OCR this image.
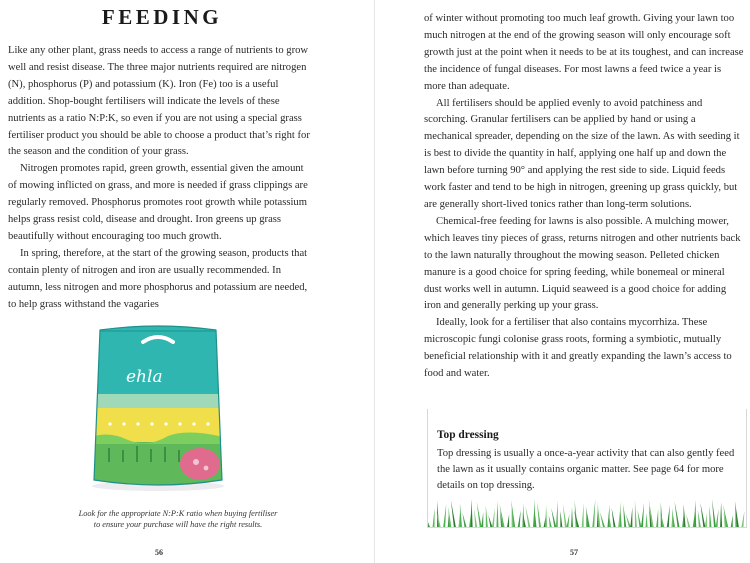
FEEDING

Like any other plant, grass needs to access a range of nutrients to grow well and resist disease. The three major nutrients required are nitrogen (N), phosphorus (P) and potassium (K). Iron (Fe) too is a useful addition. Shop-bought fertilisers will indicate the levels of these nutrients as a ratio N:P:K, so even if you are not using a special grass fertiliser product you should be able to choose a product that’s right for the season and the condition of your grass.

Nitrogen promotes rapid, green growth, essential given the amount of mowing inflicted on grass, and more is needed if grass clippings are regularly removed. Phosphorus promotes root growth while potassium helps grass resist cold, disease and drought. Iron greens up grass beautifully without encouraging too much growth.

In spring, therefore, at the start of the growing season, products that contain plenty of nitrogen and iron are usually recommended. In autumn, less nitrogen and more phosphorus and potassium are needed, to help grass withstand the vagaries

ehla
Look for the appropriate N:P:K ratio when buying fertiliser
to ensure your purchase will have the right results.
56

of winter without promoting too much leaf growth. Giving your lawn too much nitrogen at the end of the growing season will only encourage soft growth just at the point when it needs to be at its toughest, and can increase the incidence of fungal diseases. For most lawns a feed twice a year is more than adequate.

All fertilisers should be applied evenly to avoid patchiness and scorching. Granular fertilisers can be applied by hand or using a mechanical spreader, depending on the size of the lawn. As with seeding it is best to divide the quantity in half, applying one half up and down the lawn before turning 90° and applying the rest side to side. Liquid feeds work faster and tend to be high in nitrogen, greening up grass quickly, but are generally short-lived tonics rather than long-term solutions.

Chemical-free feeding for lawns is also possible. A mulching mower, which leaves tiny pieces of grass, returns nitrogen and other nutrients back to the lawn naturally throughout the mowing season. Pelleted chicken manure is a good choice for spring feeding, while bonemeal or mineral dust works well in autumn. Liquid seaweed is a good choice for adding iron and generally perking up your grass.

Ideally, look for a fertiliser that also contains mycorrhiza. These microscopic fungi colonise grass roots, forming a symbiotic, mutually beneficial relationship with it and greatly expanding the lawn’s access to food and water.

Top dressing
Top dressing is usually a once-a-year activity that can also gently feed the lawn as it usually contains organic matter. See page 64 for more details on top dressing.
57
